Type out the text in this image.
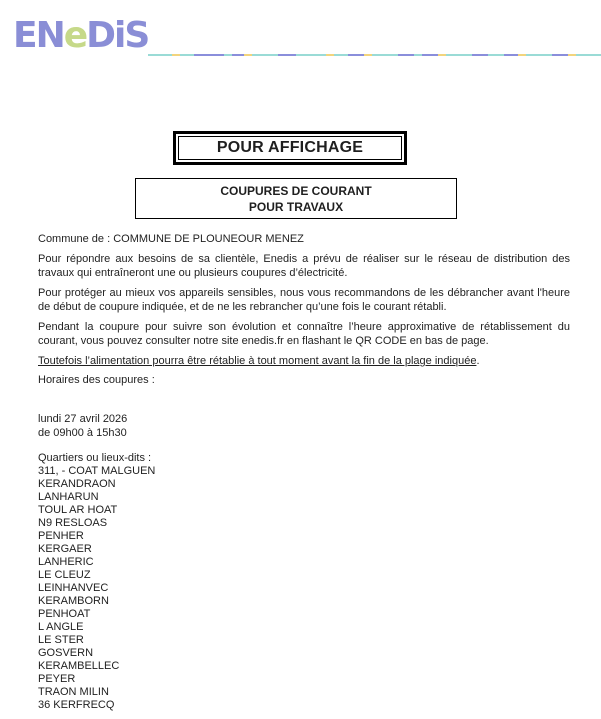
ENeDiS
POUR AFFICHAGE
COUPURES DE COURANT
POUR TRAVAUX

Commune de : COMMUNE DE PLOUNEOUR MENEZ

Pour répondre aux besoins de sa clientèle, Enedis a prévu de réaliser sur le réseau de distribution des travaux qui entraîneront une ou plusieurs coupures d’électricité.
Pour protéger au mieux vos appareils sensibles, nous vous recommandons de les débrancher avant l'heure de début de coupure indiquée, et de ne les rebrancher qu’une fois le courant rétabli.
Pendant la coupure pour suivre son évolution et connaître l’heure approximative de rétablissement du courant, vous pouvez consulter notre site enedis.fr en flashant le QR CODE en bas de page.

Toutefois l’alimentation pourra être rétablie à tout moment avant la fin de la plage indiquée.

Horaires des coupures :

lundi 27 avril 2026
de 09h00 à 15h30
Quartiers ou lieux-dits :
311, - COAT MALGUEN
KERANDRAON
LANHARUN
TOUL AR HOAT
N9 RESLOAS
PENHER
KERGAER
LANHERIC
LE CLEUZ
LEINHANVEC
KERAMBORN
PENHOAT
L ANGLE
LE STER
GOSVERN
KERAMBELLEC
PEYER
TRAON MILIN
36 KERFRECQ
